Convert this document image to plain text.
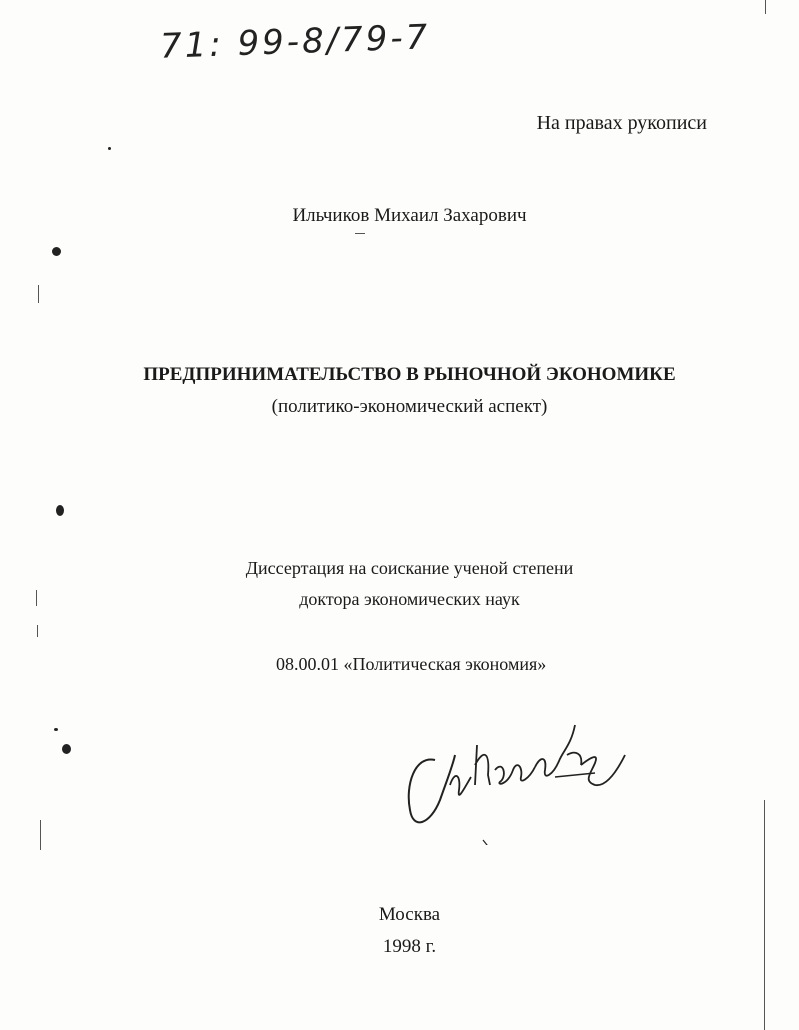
71: 99-8/79-7
На правах рукописи
Ильчиков Михаил Захарович
ПРЕДПРИНИМАТЕЛЬСТВО В РЫНОЧНОЙ ЭКОНОМИКЕ
(политико-экономический аспект)
Диссертация на соискание ученой степени
доктора экономических наук
08.00.01 «Политическая экономия»
Москва
1998 г.
